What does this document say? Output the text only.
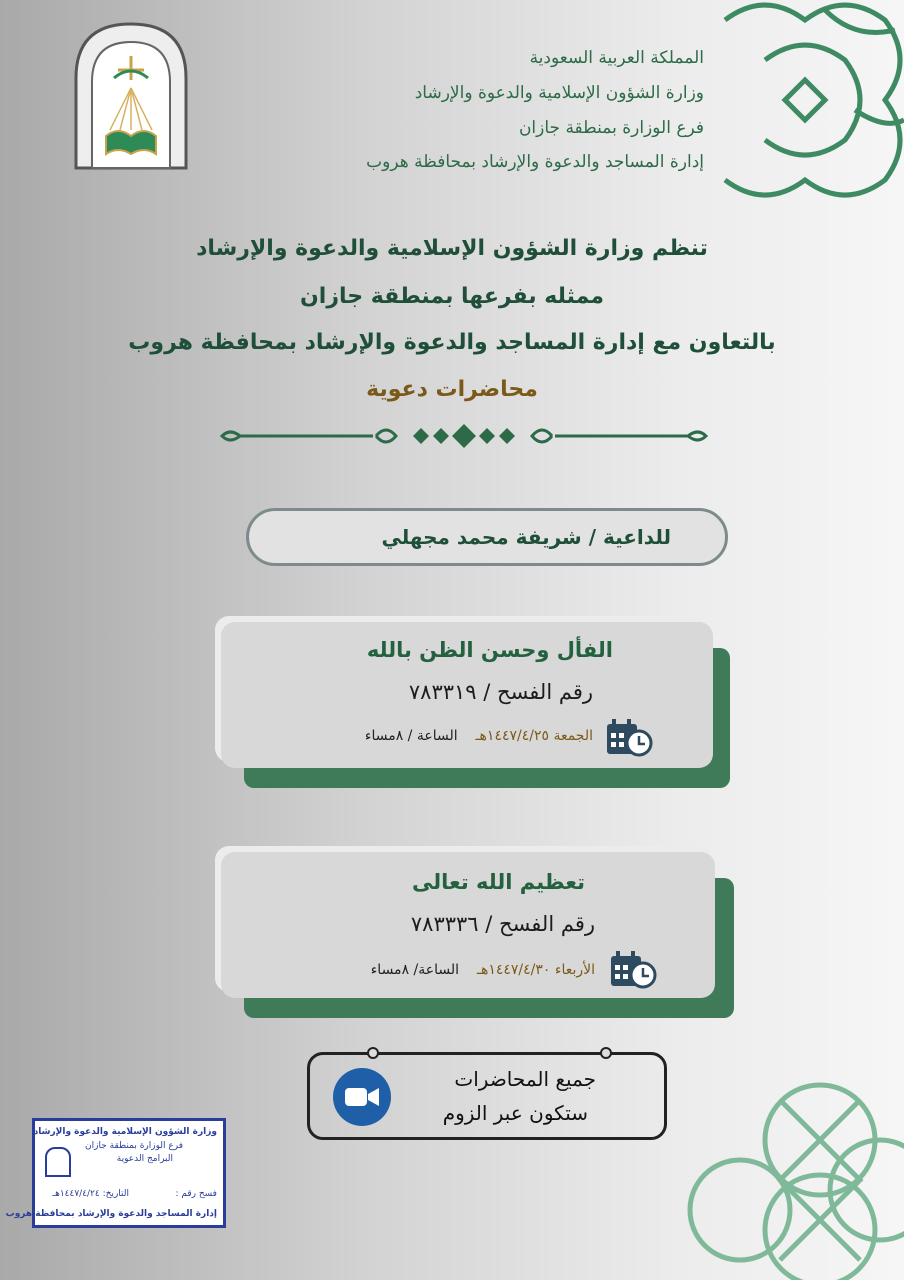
المملكة العربية السعودية
وزارة الشؤون الإسلامية والدعوة والإرشاد
فرع الوزارة بمنطقة جازان
إدارة المساجد والدعوة والإرشاد بمحافظة هروب
تنظم وزارة الشؤون الإسلامية والدعوة والإرشاد
ممثله بفرعها بمنطقة جازان
بالتعاون مع إدارة المساجد والدعوة والإرشاد بمحافظة هروب
محاضرات دعوية
للداعية / شريفة محمد مجهلي
الفأل وحسن الظن بالله
رقم الفسح / ٧٨٣٣١٩
الجمعة ١٤٤٧/٤/٢٥هـ    الساعة / ٨مساء
تعظيم الله تعالى
رقم الفسح / ٧٨٣٣٣٦
الأربعاء ١٤٤٧/٤/٣٠هـ    الساعة/ ٨مساء
جميع المحاضرات
ستكون عبر الزوم
وزارة الشؤون الإسلامية والدعوة والإرشاد
فرع الوزارة بمنطقة جازان
البرامج الدعوية
فسح رقم :
التاريخ: ١٤٤٧/٤/٢٤هـ
إدارة المساجد والدعوة والإرشاد بمحافظة هروب
